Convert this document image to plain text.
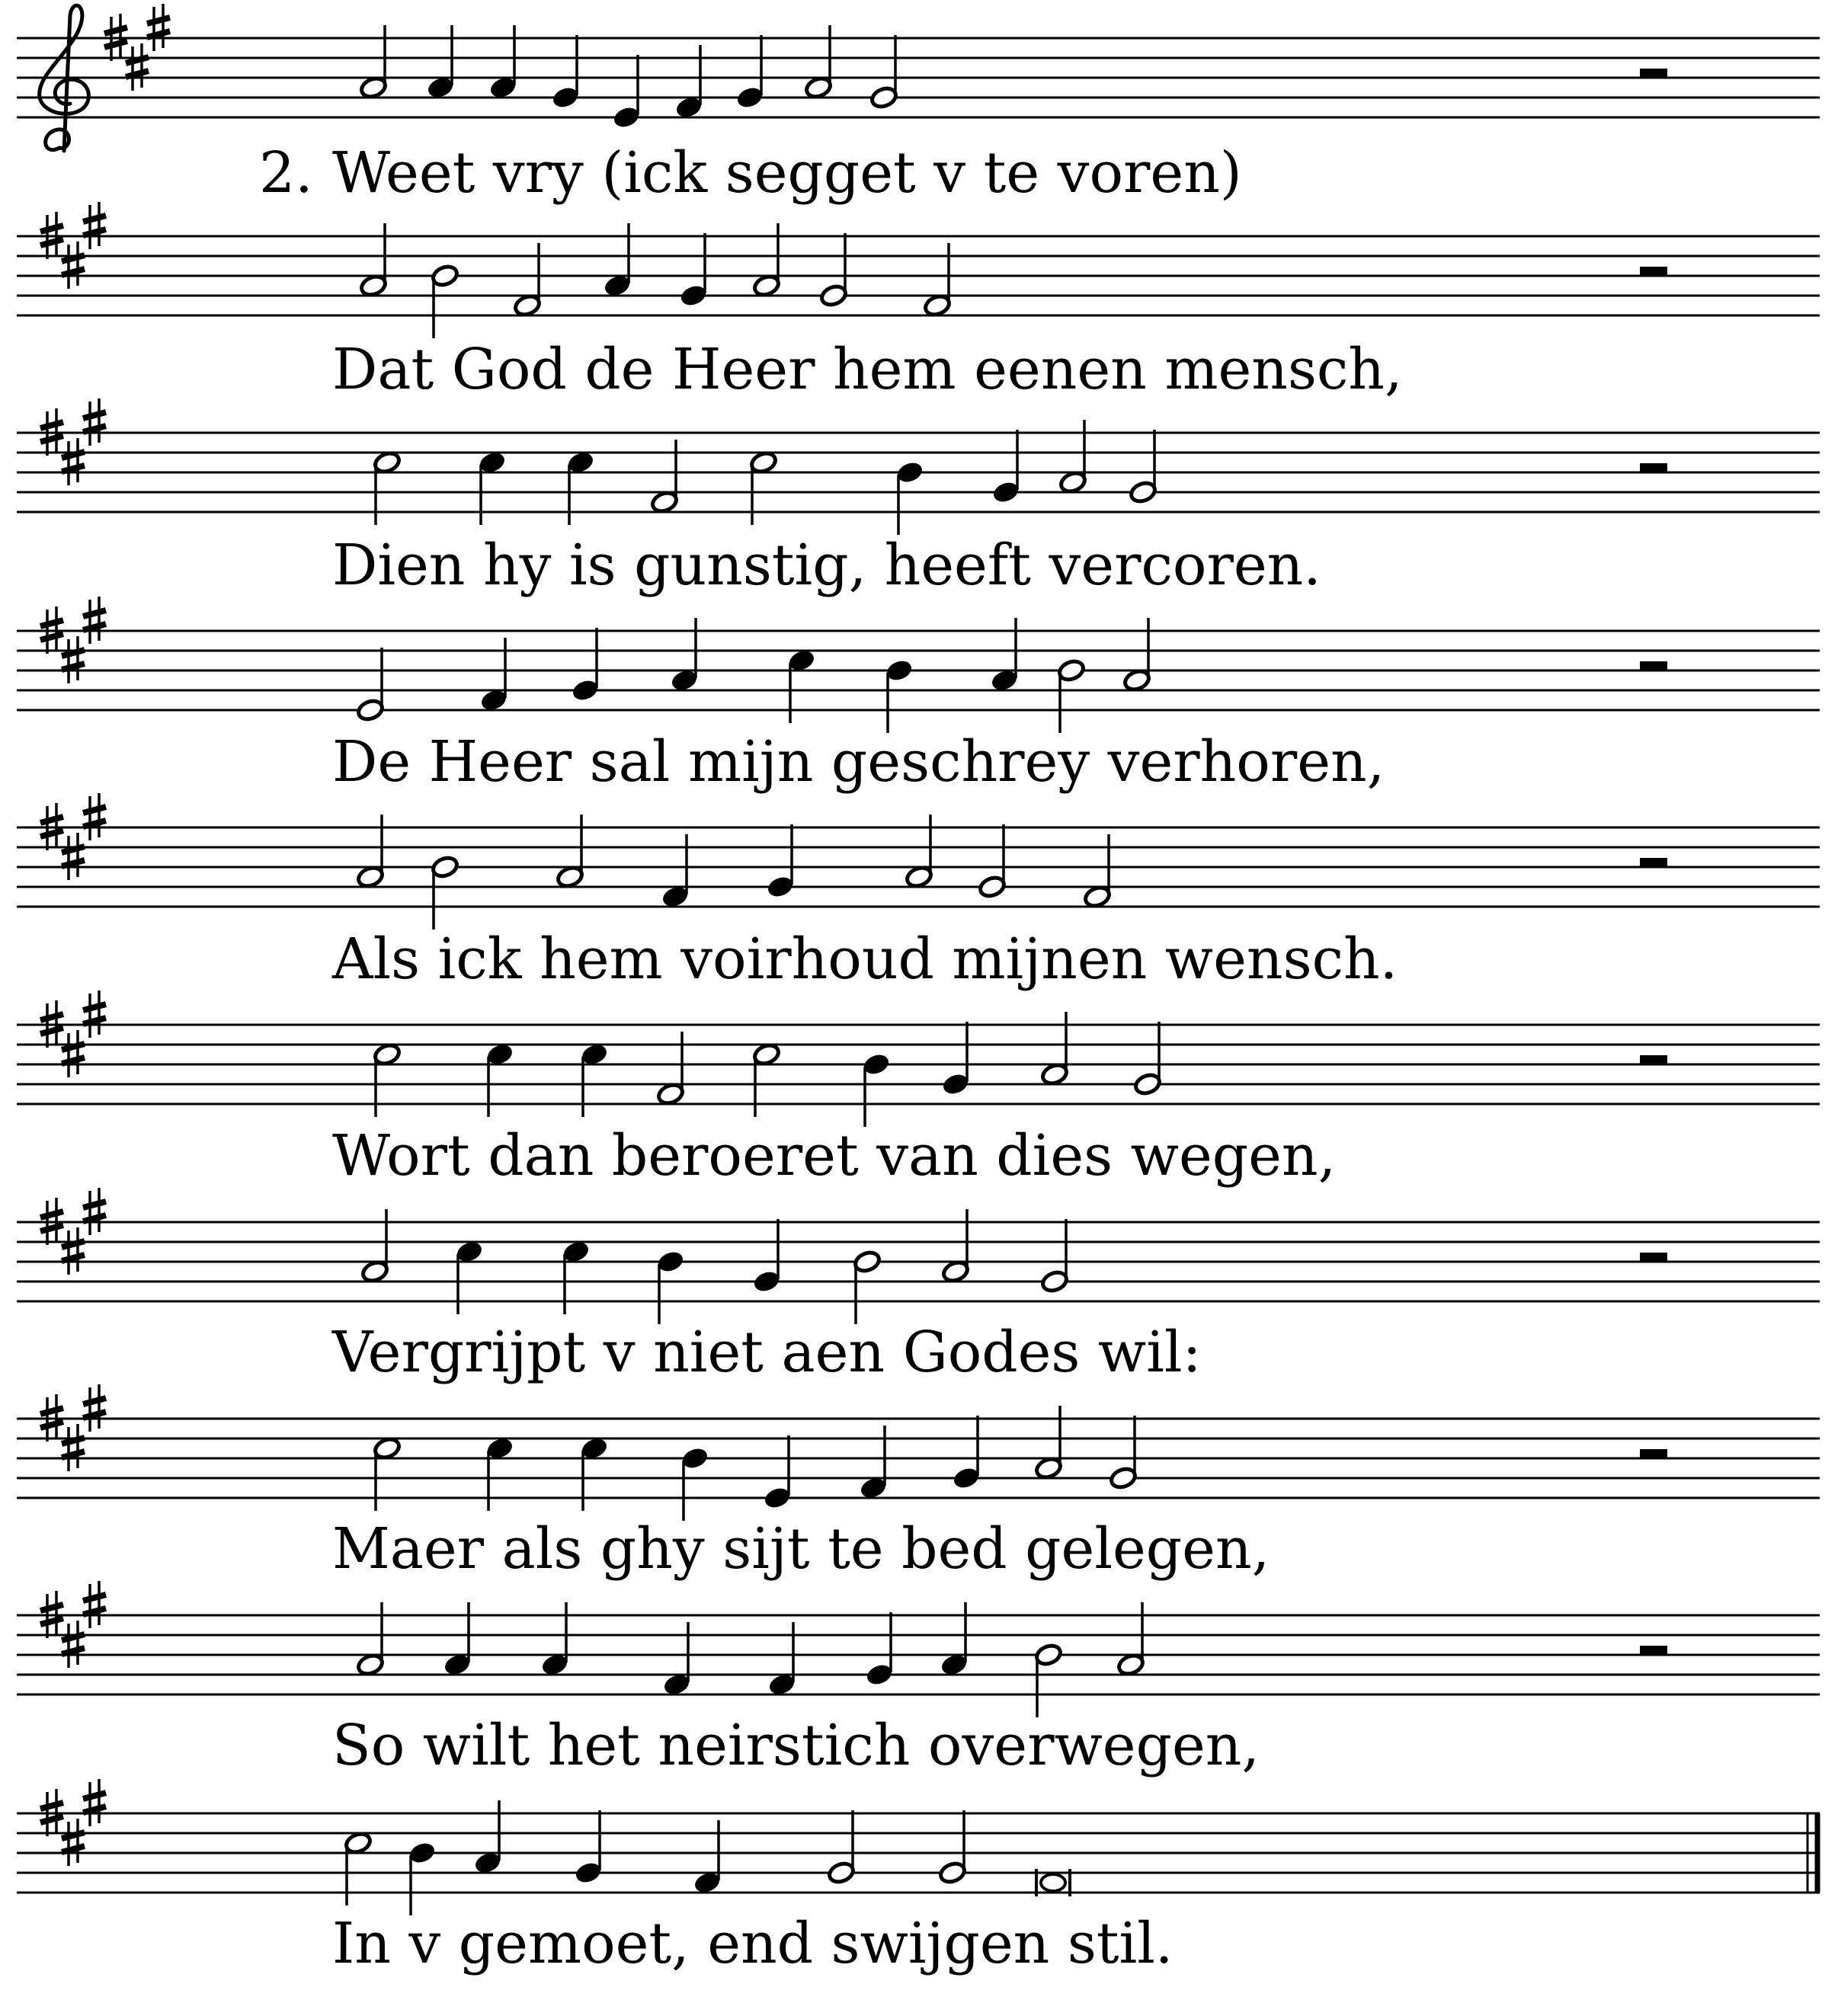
2. Weet vry (ick segget v te voren)
Dat God de Heer hem eenen mensch,
Dien hy is gunstig, heeft vercoren.
De Heer sal mijn geschrey verhoren,
Als ick hem voirhoud mijnen wensch.
Wort dan beroeret van dies wegen,
Vergrijpt v niet aen Godes wil:
Maer als ghy sijt te bed gelegen,
So wilt het neirstich overwegen,
In v gemoet, end swijgen stil.
